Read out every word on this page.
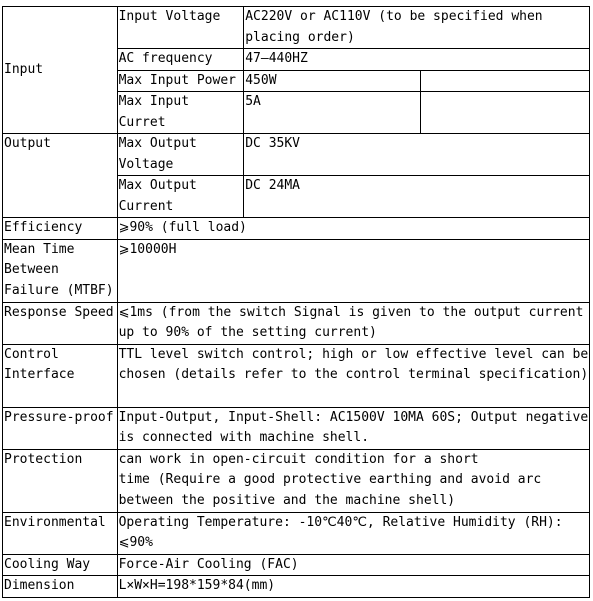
Input	Input Voltage	AC220V or AC110V (to be specified when placing order)	
	AC frequency	47—440HZ	
	Max Input Power	450W	
	Max Input Curret	5A	
Output	Max Output Voltage	DC 35KV	
	Max Output Current	DC 24MA	
Efficiency	⩾90% (full load)		
Mean Time Between Failure (MTBF)	⩾10000H		
Response Speed	⩽1ms (from the switch Signal is given to the output current up to 90% of the setting current)		
Control Interface	TTL level switch control; high or low effective level can be chosen (details refer to the control terminal specification)		
Pressure-proof	Input-Output, Input-Shell: AC1500V 10MA 60S; Output negative is connected with machine shell.		
Protection	can work in open-circuit condition for a short
time (Require a good protective earthing and avoid arc between the positive and the machine shell)		

Environmental	Operating Temperature: -10℃40℃, Relative Humidity (RH): ⩽90%		
Cooling Way	Force-Air Cooling (FAC)		
Dimension	L×W×H=198*159*84(mm)		
